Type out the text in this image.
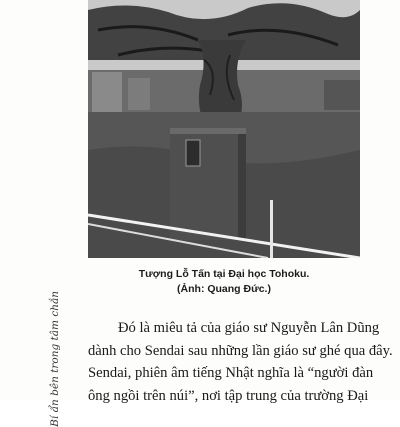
Tượng Lỗ Tấn tại Đại học Tohoku.
(Ảnh: Quang Đức.)
Bí ẩn bên trong tâm chắn	Đó là miêu tả của giáo sư Nguyễn Lân Dũng
dành cho Sendai sau những lần giáo sư ghé qua đây.
Sendai, phiên âm tiếng Nhật nghĩa là “người đàn
ông ngồi trên núi”, nơi tập trung của trường Đại
